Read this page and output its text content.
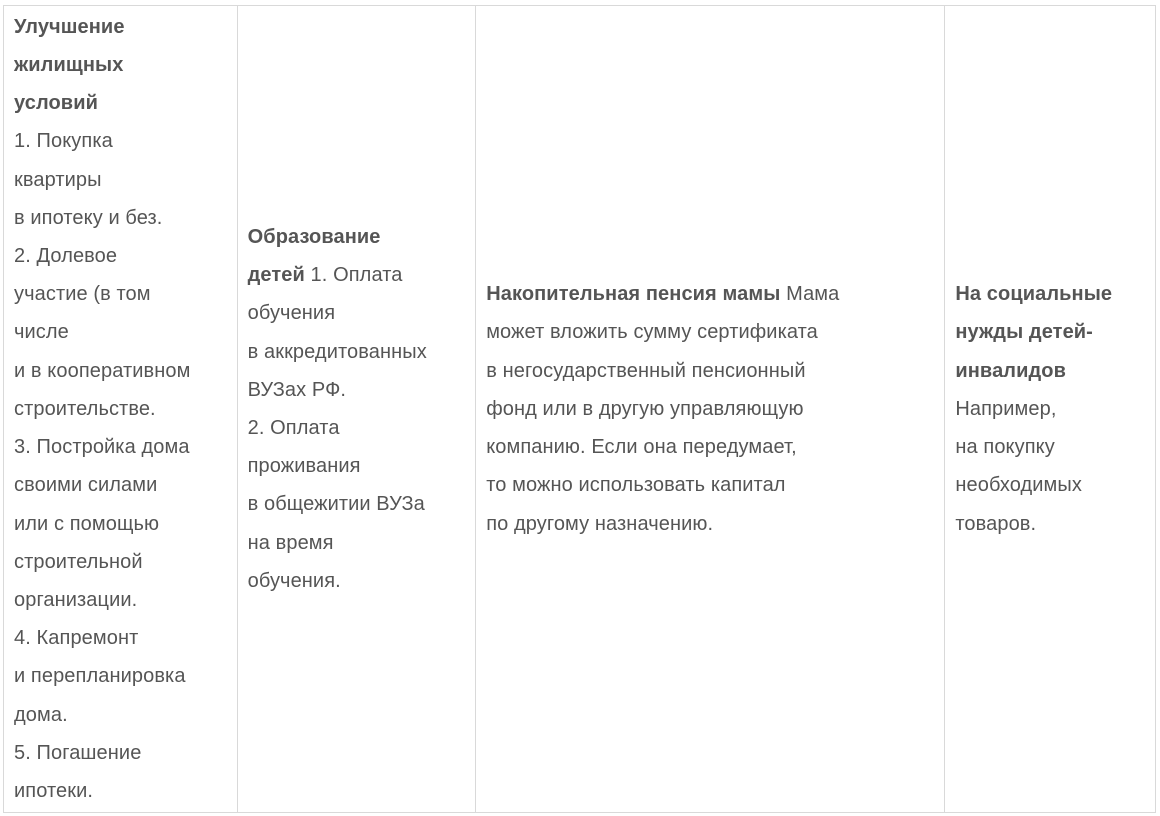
Улучшение
жилищных
условий
1. Покупка
квартиры
в ипотеку и без.
2. Долевое
участие (в том
числе
и в кооперативном
строительстве.
3. Постройка дома
своими силами
или с помощью
строительной
организации.
4. Капремонт
и перепланировка
дома.
5. Погашение
ипотеки.
Образование
детей 1. Оплата
обучения
в аккредитованных
ВУЗах РФ.
2. Оплата
проживания
в общежитии ВУЗа
на время
обучения.
Накопительная пенсия мамы Мама
может вложить сумму сертификата
в негосударственный пенсионный
фонд или в другую управляющую
компанию. Если она передумает,
то можно использовать капитал
по другому назначению.
На социальные
нужды детей-
инвалидов
Например,
на покупку
необходимых
товаров.
